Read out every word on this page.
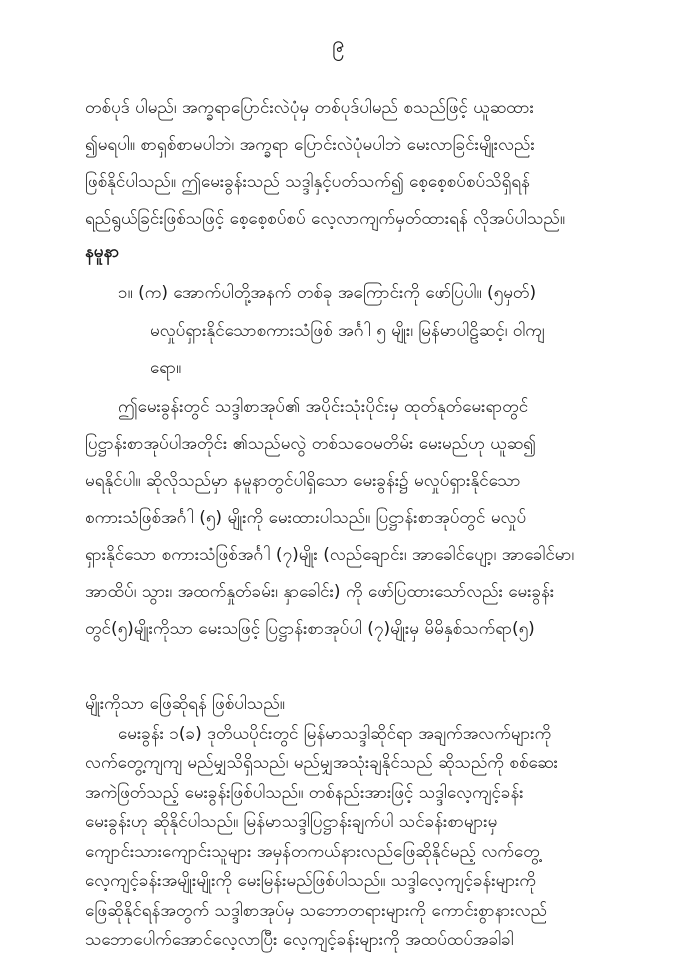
၉
တစ်ပုဒ် ပါမည်၊ အက္ခရာပြောင်းလဲပုံမှ တစ်ပုဒ်ပါမည် စသည်ဖြင့် ယူဆထား
၍မရပါ။ စာရှစ်စာမပါဘဲ၊ အက္ခရာ ပြောင်းလဲပုံမပါဘဲ မေးလာခြင်းမျိုးလည်း
ဖြစ်နိုင်ပါသည်။ ဤမေးခွန်းသည် သဒ္ဒါနှင့်ပတ်သက်၍ စေ့စေ့စပ်စပ်သိရှိရန်
ရည်ရွယ်ခြင်းဖြစ်သဖြင့် စေ့စေ့စပ်စပ် လေ့လာကျက်မှတ်ထားရန် လိုအပ်ပါသည်။
နမူနာ
၁။ (က) အောက်ပါတို့အနက် တစ်ခု အကြောင်းကို ဖော်ပြပါ။ (၅မှတ်)
မလှုပ်ရှားနိုင်သောစကားသံဖြစ် အင်္ဂါ ၅ မျိုး၊ မြန်မာပါဠိဆင့်၊ ဝါကျ
ရော။
ဤမေးခွန်းတွင် သဒ္ဒါစာအုပ်၏ အပိုင်းသုံးပိုင်းမှ ထုတ်နုတ်မေးရာတွင်
ပြဋ္ဌာန်းစာအုပ်ပါအတိုင်း ၏သည်မလွဲ တစ်သဝေမတိမ်း မေးမည်ဟု ယူဆ၍
မရနိုင်ပါ။ ဆိုလိုသည်မှာ နမူနာတွင်ပါရှိသော မေးခွန်း၌ မလှုပ်ရှားနိုင်သော
စကားသံဖြစ်အင်္ဂါ (၅) မျိုးကို မေးထားပါသည်။ ပြဋ္ဌာန်းစာအုပ်တွင် မလှုပ်
ရှားနိုင်သော စကားသံဖြစ်အင်္ဂါ (၇)မျိုး (လည်ချောင်း၊ အာခေါင်ပျော့၊ အာခေါင်မာ၊
အာထိပ်၊ သွား၊ အထက်နှုတ်ခမ်း၊ နှာခေါင်း) ကို ဖော်ပြထားသော်လည်း မေးခွန်း
တွင်(၅)မျိုးကိုသာ မေးသဖြင့် ပြဋ္ဌာန်းစာအုပ်ပါ (၇)မျိုးမှ မိမိနှစ်သက်ရာ(၅)
မျိုးကိုသာ ဖြေဆိုရန် ဖြစ်ပါသည်။
မေးခွန်း ၁(ခ) ဒုတိယပိုင်းတွင် မြန်မာသဒ္ဒါဆိုင်ရာ အချက်အလက်များကို
လက်တွေ့ကျကျ မည်မျှသိရှိသည်၊ မည်မျှအသုံးချနိုင်သည် ဆိုသည်ကို စစ်ဆေး
အကဲဖြတ်သည့် မေးခွန်းဖြစ်ပါသည်။ တစ်နည်းအားဖြင့် သဒ္ဒါလေ့ကျင့်ခန်း
မေးခွန်းဟု ဆိုနိုင်ပါသည်။ မြန်မာသဒ္ဒါပြဋ္ဌာန်းချက်ပါ သင်ခန်းစာများမှ
ကျောင်းသားကျောင်းသူများ အမှန်တကယ်နားလည်ဖြေဆိုနိုင်မည့် လက်တွေ့
လေ့ကျင့်ခန်းအမျိုးမျိုးကို မေးမြန်းမည်ဖြစ်ပါသည်။ သဒ္ဒါလေ့ကျင့်ခန်းများကို
ဖြေဆိုနိုင်ရန်အတွက် သဒ္ဒါစာအုပ်မှ သဘောတရားများကို ကောင်းစွာနားလည်
သဘောပေါက်အောင်လေ့လာပြီး လေ့ကျင့်ခန်းများကို အထပ်ထပ်အခါခါ
